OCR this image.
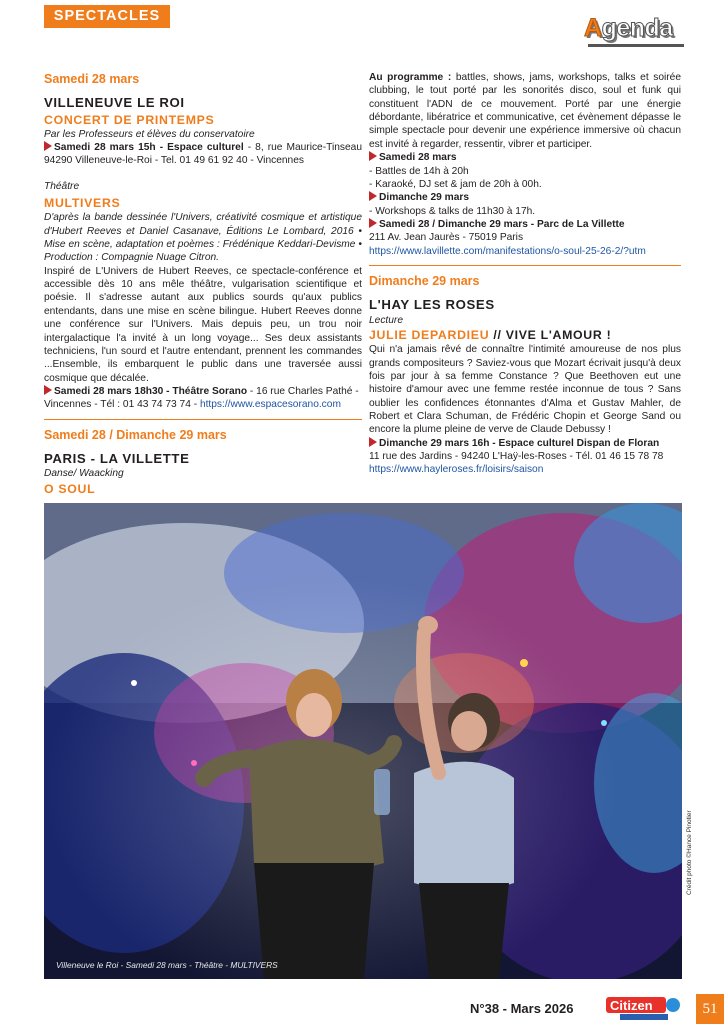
SPECTACLES	Agenda

Samedi 28 mars

VILLENEUVE LE ROI

CONCERT DE PRINTEMPS

Par les Professeurs et élèves du conservatoire

Samedi 28 mars 15h - Espace culturel - 8, rue Maurice-Tinseau 94290 Villeneuve-le-Roi - Tel. 01 49 61 92 40 - Vincennes

Théâtre

MULTIVERS

D'après la bande dessinée l'Univers, créativité cosmique et artistique d'Hubert Reeves et Daniel Casanave, Éditions Le Lombard, 2016 • Mise en scène, adaptation et poèmes : Frédénique Keddari-Devisme • Production : Compagnie Nuage Citron.

Inspiré de L'Univers de Hubert Reeves, ce spectacle-conférence et accessible dès 10 ans mêle théâtre, vulgarisation scientifique et poésie. Il s'adresse autant aux publics sourds qu'aux publics entendants, dans une mise en scène bilingue. Hubert Reeves donne une conférence sur l'Univers. Mais depuis peu, un trou noir intergalactique l'a invité à un long voyage... Ses deux assistants techniciens, l'un sourd et l'autre entendant, prennent les commandes ...Ensemble, ils embarquent le public dans une traversée aussi cosmique que décalée.

Samedi 28 mars 18h30 - Théâtre Sorano - 16 rue Charles Pathé -Vincennes - Tél : 01 43 74 73 74 - https://www.espacesorano.com

Samedi 28 / Dimanche 29 mars

PARIS - LA VILLETTE

Danse/ Waacking

O SOUL

Au programme : battles, shows, jams, workshops, talks et soirée clubbing, le tout porté par les sonorités disco, soul et funk qui constituent l'ADN de ce mouvement. Porté par une énergie débordante, libératrice et communicative, cet évènement dépasse le simple spectacle pour devenir une expérience immersive où chacun est invité à regarder, ressentir, vibrer et participer.

Samedi 28 mars

- Battles de 14h à 20h

- Karaoké, DJ set & jam de 20h à 00h.

Dimanche 29 mars

- Workshops & talks de 11h30 à 17h.

Samedi 28 / Dimanche 29 mars - Parc de La Villette

211 Av. Jean Jaurès - 75019 Paris

https://www.lavillette.com/manifestations/o-soul-25-26-2/?utm

Dimanche 29 mars

L'HAY LES ROSES

Lecture

JULIE DEPARDIEU // VIVE L'AMOUR !

Qui n'a jamais rêvé de connaître l'intimité amoureuse de nos plus grands compositeurs ? Saviez-vous que Mozart écrivait jusqu'à deux fois par jour à sa femme Constance ? Que Beethoven eut une histoire d'amour avec une femme restée inconnue de tous ? Sans oublier les confidences étonnantes d'Alma et Gustav Mahler, de Robert et Clara Schuman, de Frédéric Chopin et George Sand ou encore la plume pleine de verve de Claude Debussy !

Dimanche 29 mars 16h - Espace culturel Dispan de Floran

11 rue des Jardins - 94240 L'Haÿ-les-Roses - Tél. 01 46 15 78 78

https://www.hayleroses.fr/loisirs/saison

Villeneuve le Roi - Samedi 28 mars - Théâtre - MULTIVERS
Crédit photo ©Hance Pinotier
N°38 - Mars 2026	Citizen	51
